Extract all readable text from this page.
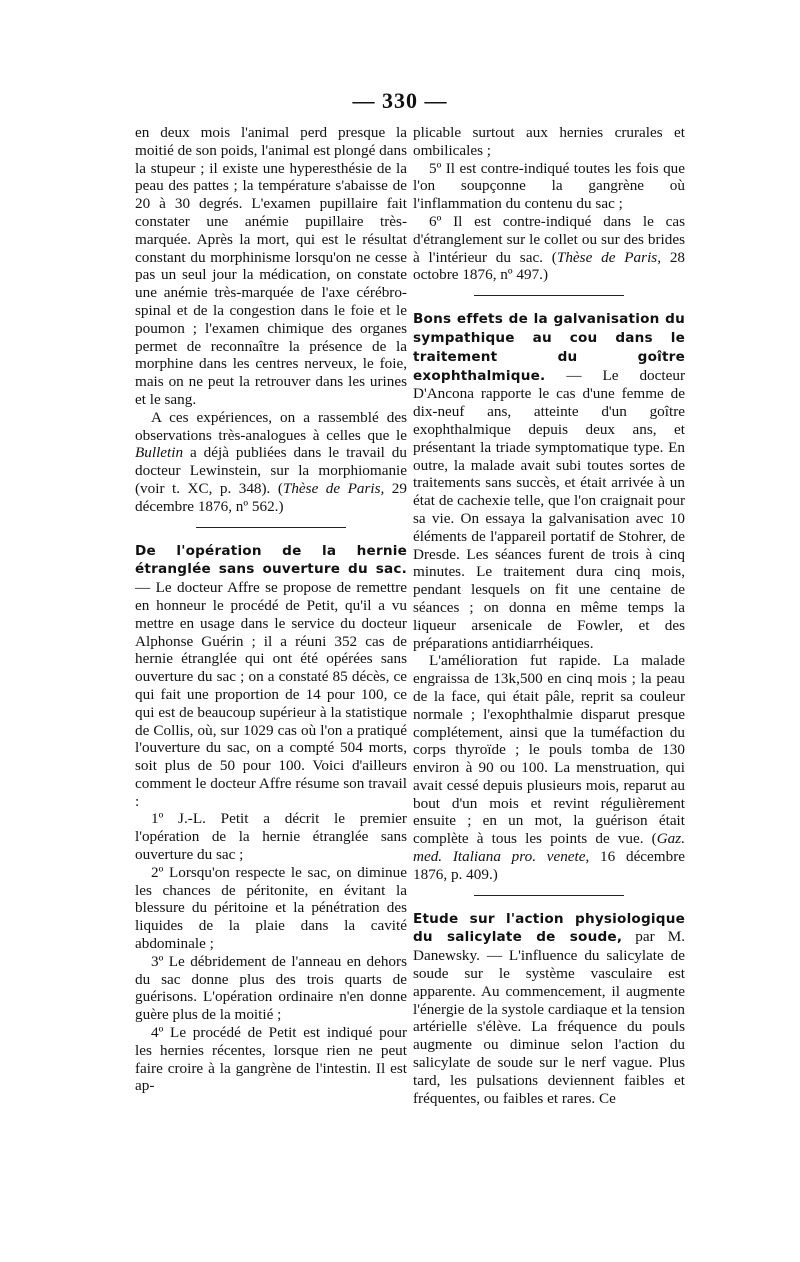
— 330 —

en deux mois l'animal perd presque la moitié de son poids, l'animal est plongé dans la stupeur ; il existe une hyperesthésie de la peau des pattes ; la température s'abaisse de 20 à 30 degrés. L'examen pupillaire fait constater une anémie pupillaire très-marquée. Après la mort, qui est le résultat constant du morphinisme lorsqu'on ne cesse pas un seul jour la médication, on constate une anémie très-marquée de l'axe cérébro-spinal et de la congestion dans le foie et le poumon ; l'examen chimique des organes permet de reconnaître la présence de la morphine dans les centres nerveux, le foie, mais on ne peut la retrouver dans les urines et le sang.

A ces expériences, on a rassemblé des observations très-analogues à celles que le Bulletin a déjà publiées dans le travail du docteur Lewinstein, sur la morphiomanie (voir t. XC, p. 348). (Thèse de Paris, 29 décembre 1876, nº 562.)

De l'opération de la hernie étranglée sans ouverture du sac. — Le docteur Affre se propose de remettre en honneur le procédé de Petit, qu'il a vu mettre en usage dans le service du docteur Alphonse Guérin ; il a réuni 352 cas de hernie étranglée qui ont été opérées sans ouverture du sac ; on a constaté 85 décès, ce qui fait une proportion de 14 pour 100, ce qui est de beaucoup supérieur à la statistique de Collis, où, sur 1029 cas où l'on a pratiqué l'ouverture du sac, on a compté 504 morts, soit plus de 50 pour 100. Voici d'ailleurs comment le docteur Affre résume son travail :

1º J.-L. Petit a décrit le premier l'opération de la hernie étranglée sans ouverture du sac ;

2º Lorsqu'on respecte le sac, on diminue les chances de péritonite, en évitant la blessure du péritoine et la pénétration des liquides de la plaie dans la cavité abdominale ;

3º Le débridement de l'anneau en dehors du sac donne plus des trois quarts de guérisons. L'opération ordinaire n'en donne guère plus de la moitié ;

4º Le procédé de Petit est indiqué pour les hernies récentes, lorsque rien ne peut faire croire à la gangrène de l'intestin. Il est ap-

plicable surtout aux hernies crurales et ombilicales ;

5º Il est contre-indiqué toutes les fois que l'on soupçonne la gangrène où l'inflammation du contenu du sac ;

6º Il est contre-indiqué dans le cas d'étranglement sur le collet ou sur des brides à l'intérieur du sac. (Thèse de Paris, 28 octobre 1876, nº 497.)

Bons effets de la galvanisation du sympathique au cou dans le traitement du goître exophthalmique. — Le docteur D'Ancona rapporte le cas d'une femme de dix-neuf ans, atteinte d'un goître exophthalmique depuis deux ans, et présentant la triade symptomatique type. En outre, la malade avait subi toutes sortes de traitements sans succès, et était arrivée à un état de cachexie telle, que l'on craignait pour sa vie. On essaya la galvanisation avec 10 éléments de l'appareil portatif de Stohrer, de Dresde. Les séances furent de trois à cinq minutes. Le traitement dura cinq mois, pendant lesquels on fit une centaine de séances ; on donna en même temps la liqueur arsenicale de Fowler, et des préparations antidiarrhéiques.

L'amélioration fut rapide. La malade engraissa de 13k,500 en cinq mois ; la peau de la face, qui était pâle, reprit sa couleur normale ; l'exophthalmie disparut presque complétement, ainsi que la tuméfaction du corps thyroïde ; le pouls tomba de 130 environ à 90 ou 100. La menstruation, qui avait cessé depuis plusieurs mois, reparut au bout d'un mois et revint régulièrement ensuite ; en un mot, la guérison était complète à tous les points de vue. (Gaz. med. Italiana pro. venete, 16 décembre 1876, p. 409.)

Etude sur l'action physiologique du salicylate de soude, par M. Danewsky. — L'influence du salicylate de soude sur le système vasculaire est apparente. Au commencement, il augmente l'énergie de la systole cardiaque et la tension artérielle s'élève. La fréquence du pouls augmente ou diminue selon l'action du salicylate de soude sur le nerf vague. Plus tard, les pulsations deviennent faibles et fréquentes, ou faibles et rares. Ce
